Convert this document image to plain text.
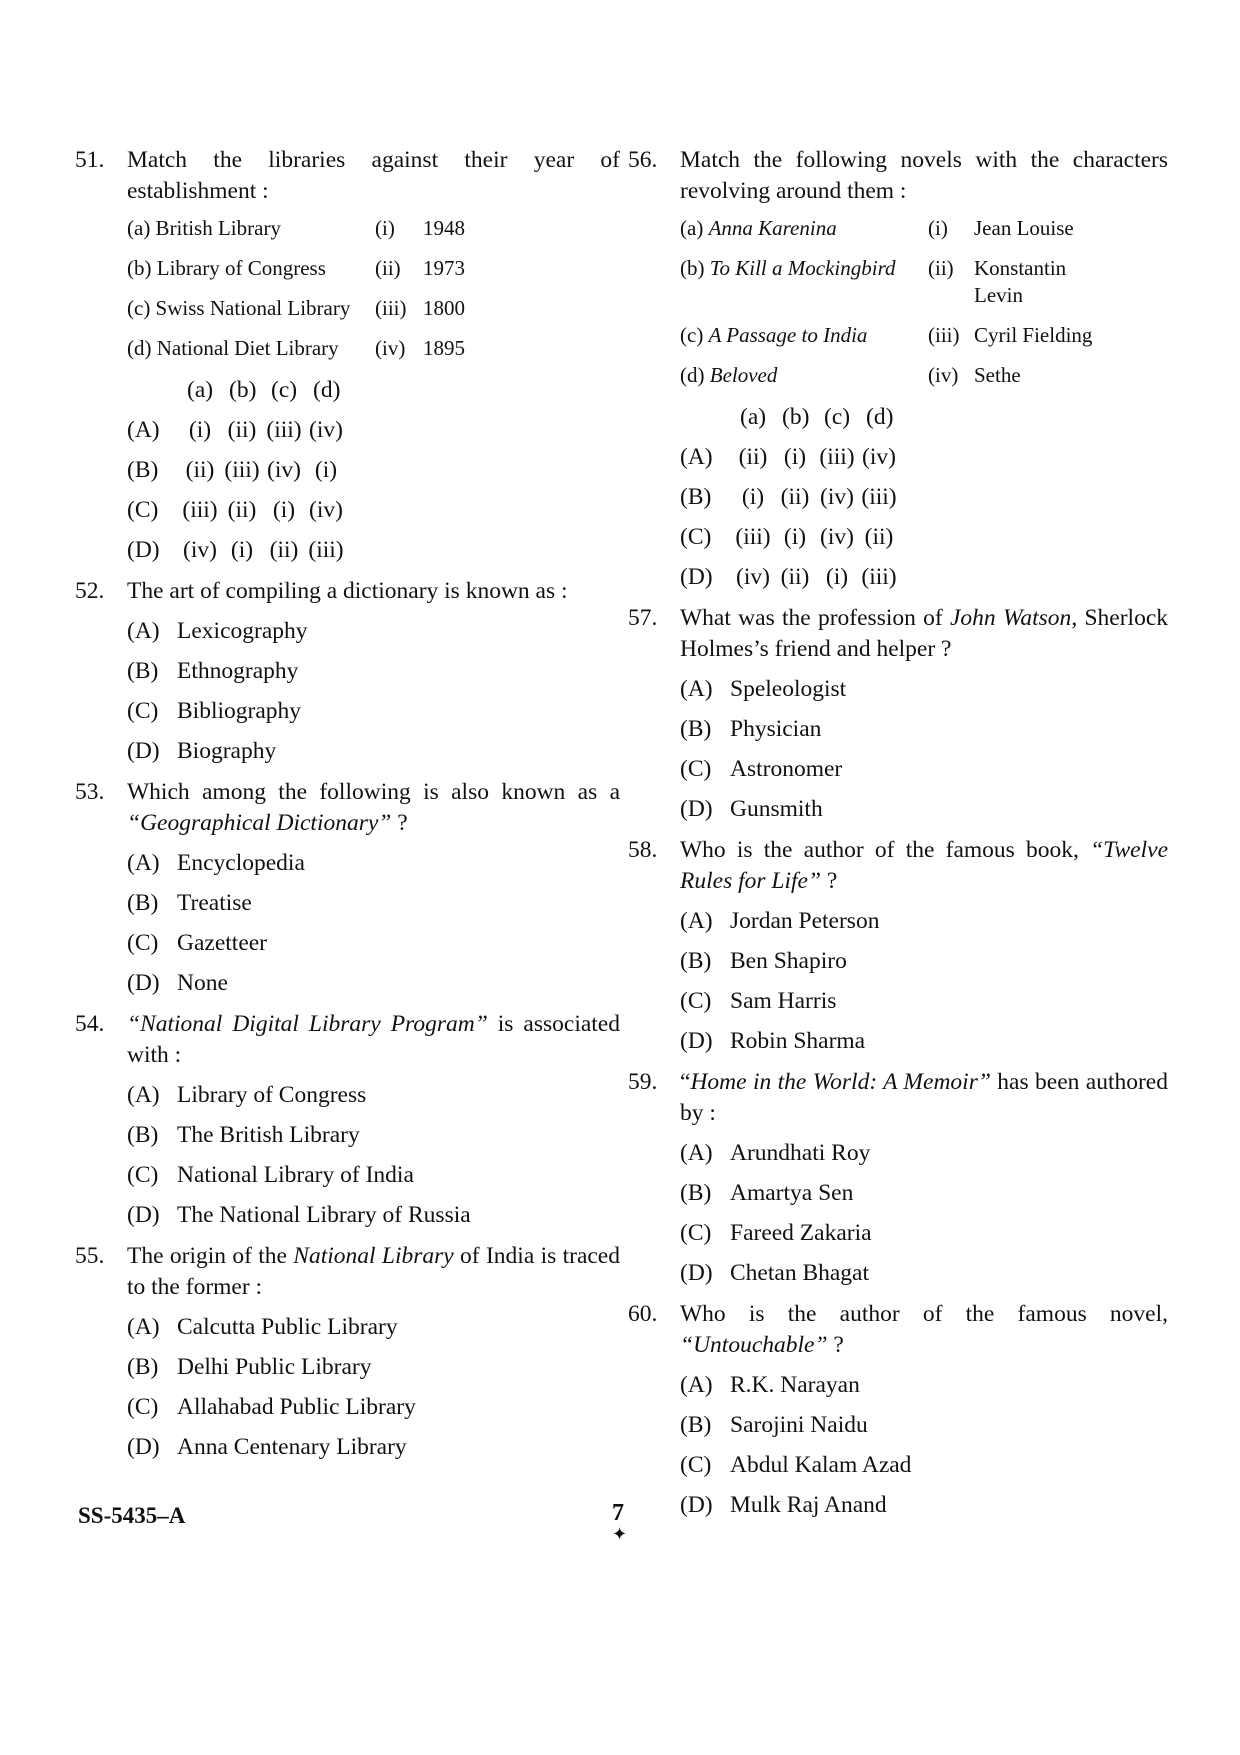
51. Match the libraries against their year of establishment :
(a) British Library	(i)	1948
(b) Library of Congress	(ii)	1973
(c) Swiss National Library	(iii) 1800
(d) National Diet Library	(iv) 1895
(a) (b) (c) (d)
(A)	(i) (ii) (iii) (iv)
(B)	(ii) (iii) (iv) (i)
(C)	(iii) (ii) (i) (iv)
(D) (iv) (i) (ii) (iii)
52. The art of compiling a dictionary is known as :
(A) Lexicography
(B) Ethnography
(C) Bibliography
(D) Biography
53. Which among the following is also known as a “Geographical Dictionary” ?
(A) Encyclopedia
(B) Treatise
(C) Gazetteer
(D) None
54. “National Digital Library Program” is associated with :
(A) Library of Congress
(B) The British Library
(C) National Library of India
(D) The National Library of Russia
55. The origin of the National Library of India is traced to the former :
(A) Calcutta Public Library
(B) Delhi Public Library
(C) Allahabad Public Library
(D) Anna Centenary Library
56. Match the following novels with the characters revolving around them :
(a) Anna Karenina	(i)	Jean Louise
(b) To Kill a Mockingbird	(ii) Konstantin Levin
(c) A Passage to India	(iii) Cyril Fielding
(d) Beloved	(iv) Sethe
(a) (b) (c) (d)
(A)	(ii) (i) (iii) (iv)
(B)	(i) (ii) (iv) (iii)
(C)	(iii) (i) (iv) (ii)
(D) (iv) (ii) (i) (iii)
57. What was the profession of John Watson, Sherlock Holmes’s friend and helper ?
(A) Speleologist
(B) Physician
(C) Astronomer
(D) Gunsmith
58. Who is the author of the famous book, “Twelve Rules for Life” ?
(A) Jordan Peterson
(B) Ben Shapiro
(C) Sam Harris
(D) Robin Sharma
59. “Home in the World: A Memoir” has been authored by :
(A) Arundhati Roy
(B) Amartya Sen
(C) Fareed Zakaria
(D) Chetan Bhagat
60. Who is the author of the famous novel, “Untouchable” ?
(A) R.K. Narayan
(B) Sarojini Naidu
(C) Abdul Kalam Azad
(D) Mulk Raj Anand
SS-5435–A	7
✦
